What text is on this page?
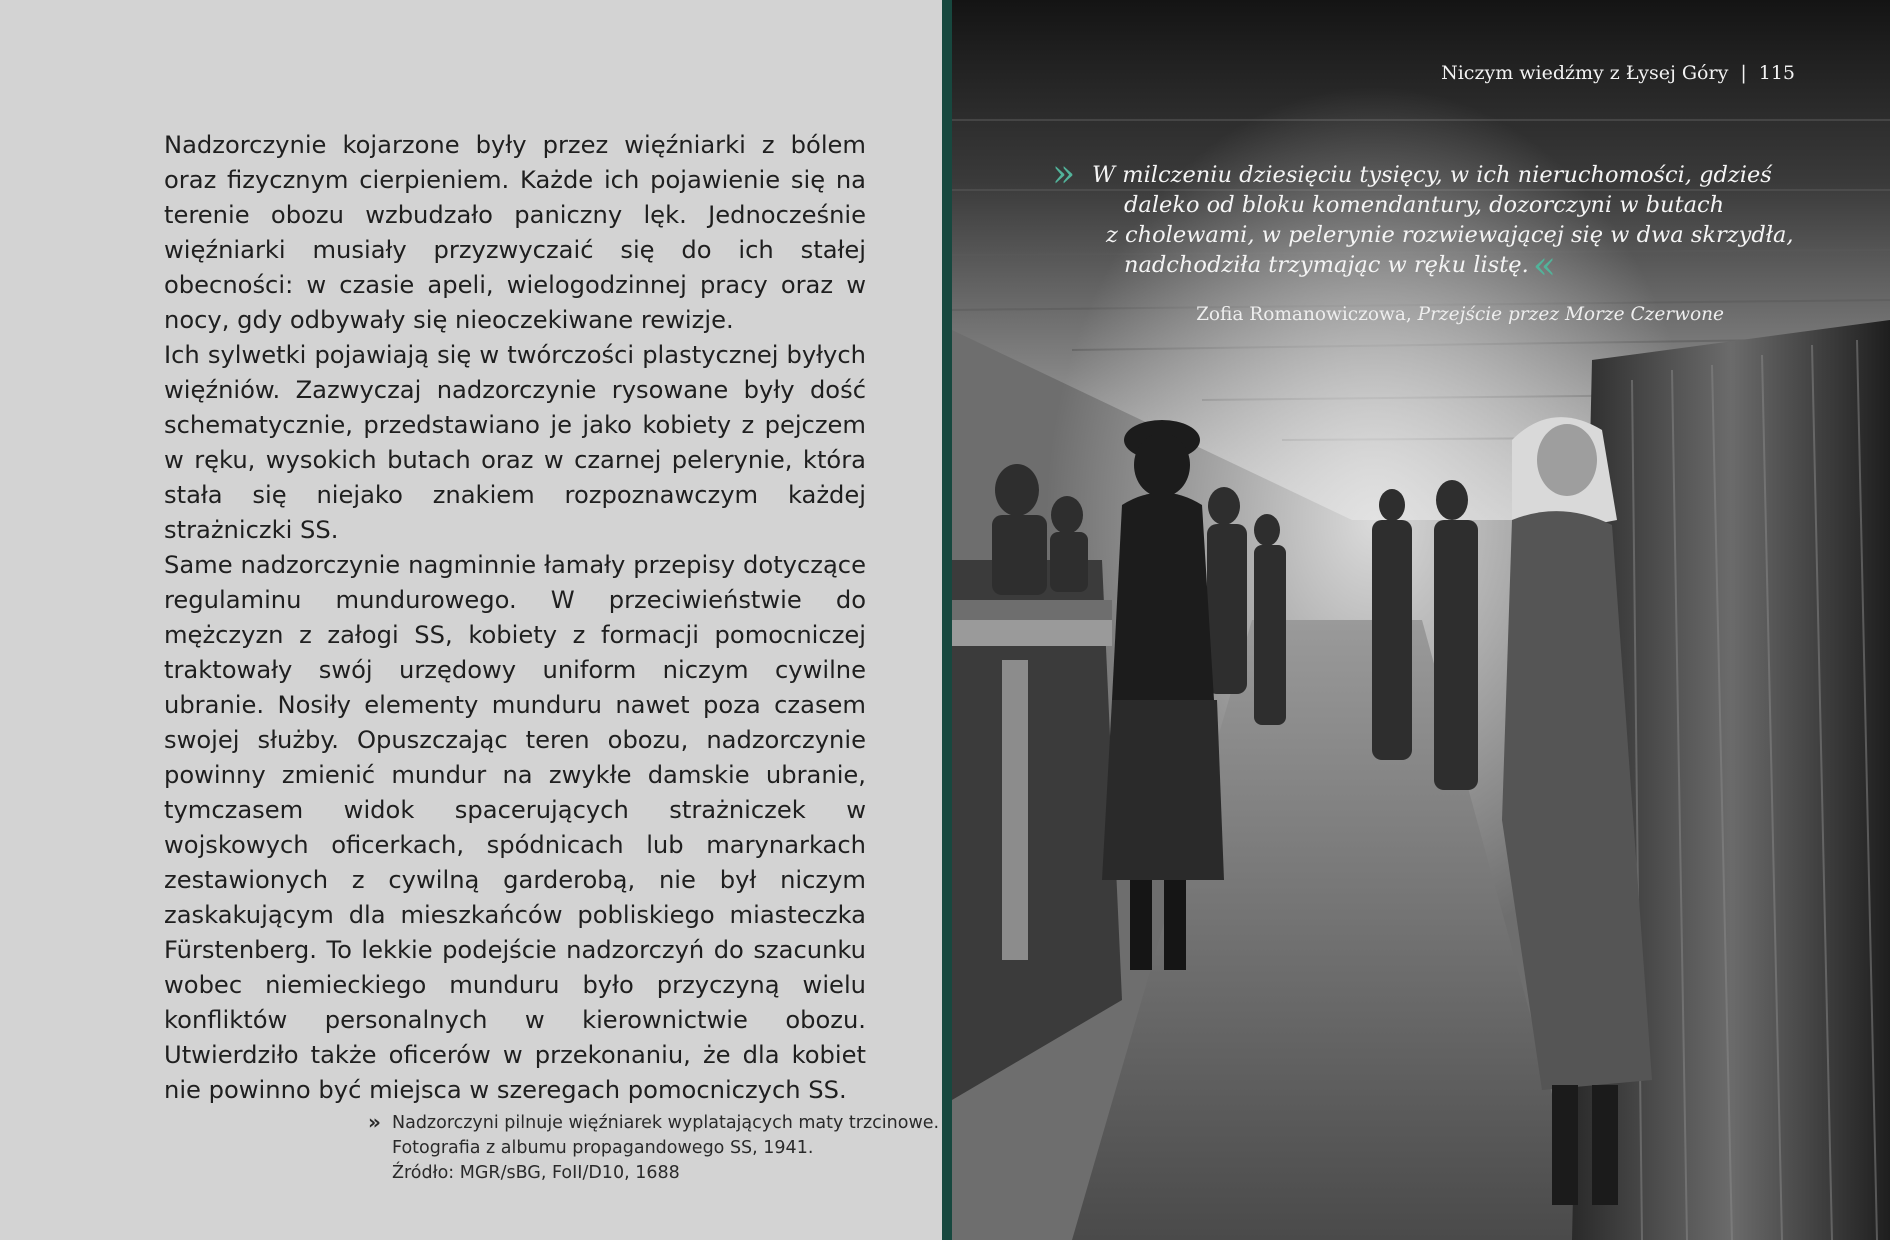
Nadzorczynie kojarzone były przez więźniarki z bólem oraz fizycznym cierpieniem. Każde ich pojawienie się na terenie obozu wzbudzało paniczny lęk. Jednocześnie więźniarki musiały przyzwyczaić się do ich stałej obecności: w czasie apeli, wielogodzinnej pracy oraz w nocy, gdy odbywały się nieoczekiwane rewizje.

Ich sylwetki pojawiają się w twórczości plastycznej byłych więźniów. Zazwyczaj nadzorczynie rysowane były dość schematycznie, przedstawiano je jako kobiety z pejczem w ręku, wysokich butach oraz w czarnej pelerynie, która stała się niejako znakiem rozpoznawczym każdej strażniczki SS.

Same nadzorczynie nagminnie łamały przepisy dotyczące regulaminu mundurowego. W przeciwieństwie do mężczyzn z załogi SS, kobiety z formacji pomocniczej traktowały swój urzędowy uniform niczym cywilne ubranie. Nosiły elementy munduru nawet poza czasem swojej służby. Opuszczając teren obozu, nadzorczynie powinny zmienić mundur na zwykłe damskie ubranie, tymczasem widok spacerujących strażniczek w wojskowych oficerkach, spódnicach lub marynarkach zestawionych z cywilną garderobą, nie był niczym zaskakującym dla mieszkańców pobliskiego miasteczka Fürstenberg. To lekkie podejście nadzorczyń do szacunku wobec niemieckiego munduru było przyczyną wielu konfliktów personalnych w kierownictwie obozu. Utwierdziło także oficerów w przekonaniu, że dla kobiet nie powinno być miejsca w szeregach pomocniczych SS.

» Nadzorczyni pilnuje więźniarek wyplatających maty trzcinowe.
Fotografia z albumu propagandowego SS, 1941.
Źródło: MGR/sBG, FoII/D10, 1688
Niczym wiedźmy z Łysej Góry | 115
» W milczeniu dziesięciu tysięcy, w ich nieruchomości, gdzieś
daleko od bloku komendantury, dozorczyni w butach
z cholewami, w pelerynie rozwiewającej się w dwa skrzydła,
nadchodziła trzymając w ręku listę. «
Zofia Romanowiczowa, Przejście przez Morze Czerwone
